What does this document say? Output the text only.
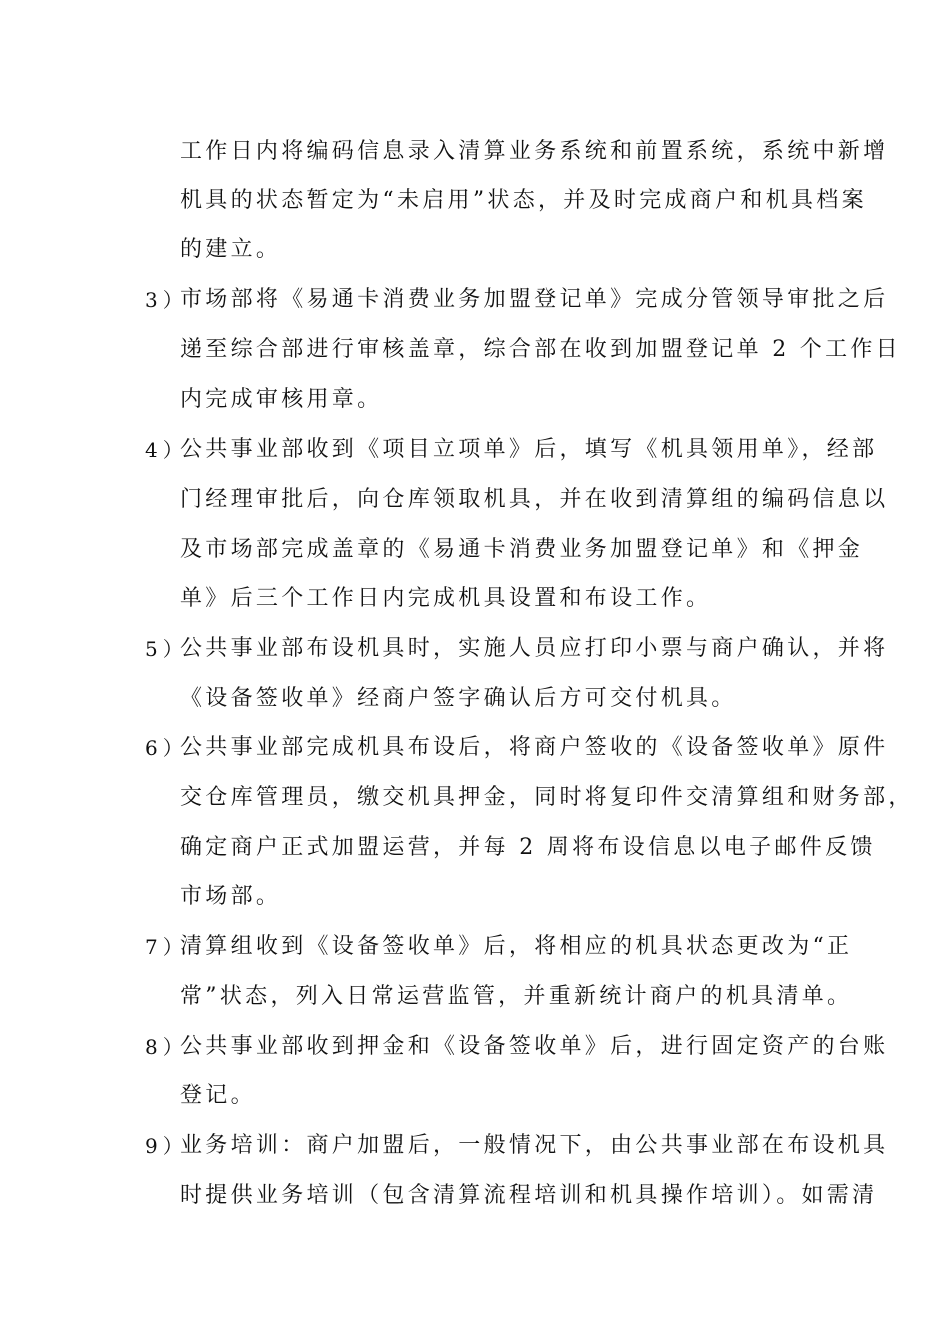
工作日内将编码信息录入清算业务系统和前置系统，系统中新增
机具的状态暂定为“未启用”状态，并及时完成商户和机具档案
的建立。
3）
市场部将《易通卡消费业务加盟登记单》完成分管领导审批之后
递至综合部进行审核盖章，综合部在收到加盟登记单 2 个工作日
内完成审核用章。
4）
公共事业部收到《项目立项单》后，填写《机具领用单》，经部
门经理审批后，向仓库领取机具，并在收到清算组的编码信息以
及市场部完成盖章的《易通卡消费业务加盟登记单》和《押金
单》后三个工作日内完成机具设置和布设工作。
5）
公共事业部布设机具时，实施人员应打印小票与商户确认，并将
《设备签收单》经商户签字确认后方可交付机具。
6）
公共事业部完成机具布设后，将商户签收的《设备签收单》原件
交仓库管理员，缴交机具押金，同时将复印件交清算组和财务部，
确定商户正式加盟运营，并每 2 周将布设信息以电子邮件反馈
市场部。
7）
清算组收到《设备签收单》后，将相应的机具状态更改为“正
常”状态，列入日常运营监管，并重新统计商户的机具清单。
8）
公共事业部收到押金和《设备签收单》后，进行固定资产的台账
登记。
9）
业务培训：商户加盟后，一般情况下，由公共事业部在布设机具
时提供业务培训（包含清算流程培训和机具操作培训）。如需清
